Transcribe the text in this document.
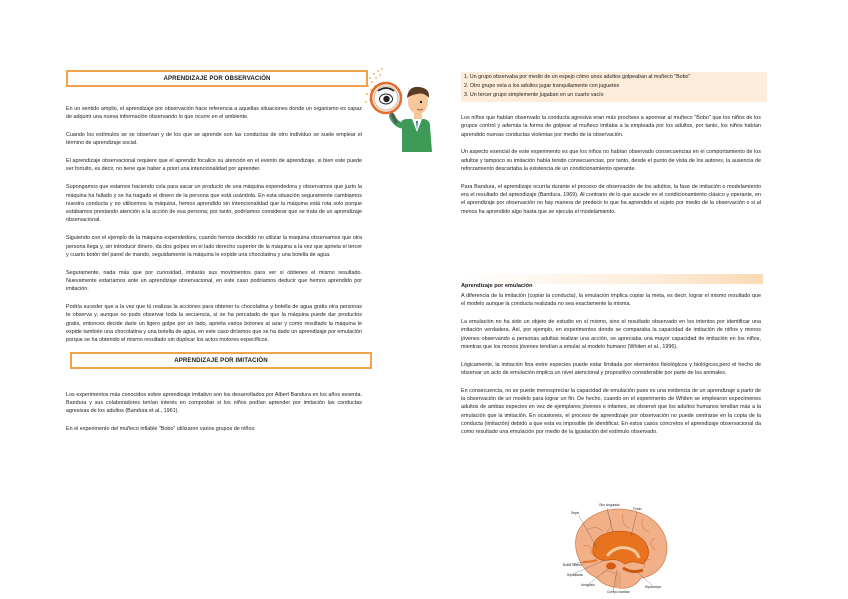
APRENDIZAJE POR OBSERVACIÓN

En un sentido amplio, el aprendizaje por observación hace referencia a aquellas situaciones donde un organismo es capaz de adquirir una nueva información observando lo que ocurre en el ambiente.

Cuando los estímulos se se observan y de los que se aprende son las conductas de otro individuo se suele emplear el término de aprendizaje social.

El aprendizaje observacional requiere que el aprendiz focalice su atención en el evento de aprendizaje, si bien este puede ser fortuito, es decir, no tiene que haber a priori una intencionalidad por aprender.

Supongamos que estamos haciendo cola para sacar un producto de una máquina expendedora y observamos que justo la máquina ha fallado y se ha tragado el dinero de la persona que está usándola. En esta situación seguramente cambiamos nuestra conducta y no utilicemos la máquina, hemos aprendido sin intencionalidad que la máquina está rota solo porque estábamos prestando atención a la acción de esa persona; por tanto, podríamos considerar que se trata de un aprendizaje observacional.

Siguiendo con el ejemplo de la máquina expendedora, cuando hemos decidido no utilizar la maquina observamos que otra persona llega y, sin introducir dinero, da dos golpes en el lado derecho superior de la máquina a la vez que aprieta el tercer y cuarto botón del panel de mando, seguidamente la máquina le expide una chocolatina y una botella de agua.

Seguramente, nada más que por curiosidad, imitarás sus movimientos para ver si obtienes el mismo resultado. Nuevamente estaríamos ante un aprendizaje observacional, en este caso podríamos deducir que hemos aprendido por imitación.

Podría suceder que a la vez que tú realizas la acciones para obtener tu chocolatina y botella de agua gratis otra personas te observa y, aunque no pudo observar toda la secuencia, sí se ha percatado de que la máquina puede dar productos gratis, entonces decide darle un ligero golpe por un lado, aprieta varios botones al azar y como resultado la máquina le expide también una chocolatina y una botella de agua, en este caso diríamos que se ha dado un aprendizaje por emulación porque se ha obtenido el mismo resultado sin duplicar los actos motores específicos.

APRENDIZAJE POR IMITACIÓN

Los experimentos más conocidos sobre aprendizaje imitativo son los desarrollados por Albert Bandura en los años sesenta. Bandura y sus colaboradores tenían interés en comprobar si los niños podían aprender por imitación las conductas agresivas de los adultos (Bandura et al., 1961).

En el experimento del muñeco inflable "Bobo" utilizaron varios grupos de niños:

1. Un grupo observaba por medio de un espejo cómo unos adultos golpeaban al muñeco "Bobo"
2. Otro grupo veía a los adultos jugar tranquilamente con juguetes
3. Un tercer grupo simplemente jugaban en un cuarto vacío

Los niños que habían observado la conducta agresiva eran más proclives a aporrear al muñeco "Bobo" que los niños de los grupos control y además la forma de golpear al muñeco imitaba a la empleada por los adultos, por tanto, los niños habían aprendido nuevas conductas violentas por medio de la observación.

Un aspecto esencial de este experimento es que los niños no habían observado consecuencias en el comportamiento de los adultos y tampoco su imitación había tenido consecuencias, por tanto, desde el punto de vista de los autores, la ausencia de reforzamiento descartaba la existencia de un condicionamiento operante.

Para Bandura, el aprendizaje ocurría durante el proceso de observación de los adultos, la fase de imitación o modelamiento era el resultado del aprendizaje (Bandura, 1969). Al contrario de lo que sucede en el condicionamiento clásico y operante, en el aprendizaje por observación no hay manera de predecir lo que ha aprendido el sujeto por medio de la observación o si al menos ha aprendido algo hasta que se ejecuta el modelamiento.

Aprendizaje por emulación

A diferencia de la imitación (copiar la conducta), la emulación implica copiar la meta, es decir, lograr el mismo resultado que el modelo aunque la conducta realizada no sea exactamente la misma.

La emulación no ha sido un objeto de estudio en sí mismo, sino el resultado observado en los intentos por identificar una imitación verdadera. Así, por ejemplo, en experimentos donde se comparaba la capacidad de imitación de niños y monos jóvenes observando a personas adultas realizar una acción, se apreciaba una mayor capacidad de imitación en los niños, mientras que los monos jóvenes tendían a emular al modelo humano (Whiten et al., 1996).

Lógicamente, la imitación fina entre especies puede estar limitada por elementos fisiológicos y biológicos,pero el hecho de observar un acto de emulación implica un nivel atencional y propositivo considerable por parte de los animales.

En consecuencia, no se puede menospreciar la capacidad de emulación pues es una evidencia de un aprendizaje a partir de la observación de un modelo para lograr un fin. De hecho, cuando en el experimento de Whiten se emplearon especímenes adultos de ambas especies en vez de ejemplares jóvenes e infantes, se observó que los adultos humanos tendían más a la emulación que la imitación. En ocasiones, el proceso de aprendizaje por observación no puede centrarse en la copia de la conducta (imitación) debido a que esta es imposible de identificar. En estos casos concretos el aprendizaje observacional da como resultado una emulación por medio de la igualación del estímulo observado.

Giro cingulado
Fórnix
Septo
Bulbo olfativo
Hipotálamo
Amígdala
Cuerpo mamilar
Hipocampo
